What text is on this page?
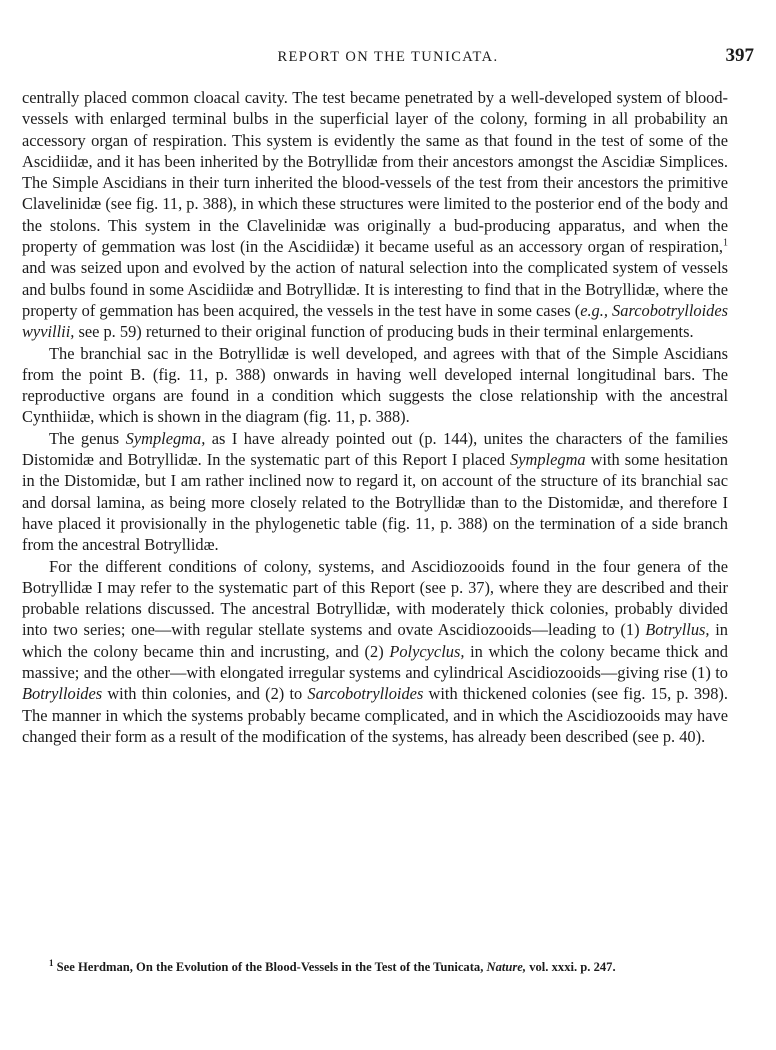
REPORT ON THE TUNICATA.	397

centrally placed common cloacal cavity. The test became penetrated by a well-developed system of blood-vessels with enlarged terminal bulbs in the superficial layer of the colony, forming in all probability an accessory organ of respiration. This system is evidently the same as that found in the test of some of the Ascidiidæ, and it has been inherited by the Botryllidæ from their ancestors amongst the Ascidiæ Simplices. The Simple Ascidians in their turn inherited the blood-vessels of the test from their ancestors the primitive Clavelinidæ (see fig. 11, p. 388), in which these structures were limited to the posterior end of the body and the stolons. This system in the Clavelinidæ was originally a bud-producing apparatus, and when the property of gemmation was lost (in the Ascidiidæ) it became useful as an accessory organ of respiration,$^1$ and was seized upon and evolved by the action of natural selection into the complicated system of vessels and bulbs found in some Ascidiidæ and Botryllidæ. It is interesting to find that in the Botryllidæ, where the property of gemmation has been acquired, the vessels in the test have in some cases (e.g., Sarcobotrylloides wyvillii, see p. 59) returned to their original function of producing buds in their terminal enlargements.

The branchial sac in the Botryllidæ is well developed, and agrees with that of the Simple Ascidians from the point B. (fig. 11, p. 388) onwards in having well developed internal longitudinal bars. The reproductive organs are found in a condition which suggests the close relationship with the ancestral Cynthiidæ, which is shown in the diagram (fig. 11, p. 388).

The genus Symplegma, as I have already pointed out (p. 144), unites the characters of the families Distomidæ and Botryllidæ. In the systematic part of this Report I placed Symplegma with some hesitation in the Distomidæ, but I am rather inclined now to regard it, on account of the structure of its branchial sac and dorsal lamina, as being more closely related to the Botryllidæ than to the Distomidæ, and therefore I have placed it provisionally in the phylogenetic table (fig. 11, p. 388) on the termination of a side branch from the ancestral Botryllidæ.

For the different conditions of colony, systems, and Ascidiozooids found in the four genera of the Botryllidæ I may refer to the systematic part of this Report (see p. 37), where they are described and their probable relations discussed. The ancestral Botryllidæ, with moderately thick colonies, probably divided into two series; one—with regular stellate systems and ovate Ascidiozooids—leading to (1) Botryllus, in which the colony became thin and incrusting, and (2) Polycyclus, in which the colony became thick and massive; and the other—with elongated irregular systems and cylindrical Ascidiozooids—giving rise (1) to Botrylloides with thin colonies, and (2) to Sarcobotrylloides with thickened colonies (see fig. 15, p. 398). The manner in which the systems probably became complicated, and in which the Ascidiozooids may have changed their form as a result of the modification of the systems, has already been described (see p. 40).

$^1$ See Herdman, On the Evolution of the Blood-Vessels in the Test of the Tunicata, Nature, vol. xxxi. p. 247.
